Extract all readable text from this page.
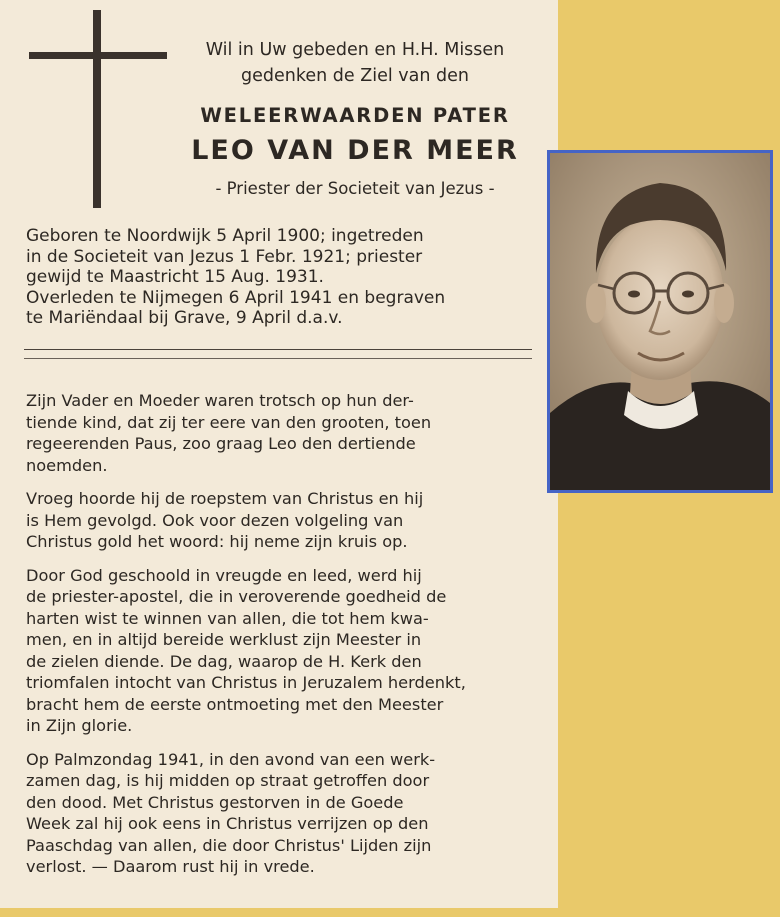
Wil in Uw gebeden en H.H. Missen
gedenken de Ziel van den
WELEERWAARDEN PATER
LEO VAN DER MEER
- Priester der Societeit van Jezus -
Geboren te Noordwijk 5 April 1900; ingetreden
in de Societeit van Jezus 1 Febr. 1921; priester
gewijd te Maastricht 15 Aug. 1931.
Overleden te Nijmegen 6 April 1941 en begraven
te Mariëndaal bij Grave, 9 April d.a.v.
Zijn Vader en Moeder waren trotsch op hun der-
tiende kind, dat zij ter eere van den grooten, toen
regeerenden Paus, zoo graag Leo den dertiende
noemden.
Vroeg hoorde hij de roepstem van Christus en hij
is Hem gevolgd. Ook voor dezen volgeling van
Christus gold het woord: hij neme zijn kruis op.
Door God geschoold in vreugde en leed, werd hij
de priester-apostel, die in veroverende goedheid de
harten wist te winnen van allen, die tot hem kwa-
men, en in altijd bereide werklust zijn Meester in
de zielen diende. De dag, waarop de H. Kerk den
triomfalen intocht van Christus in Jeruzalem herdenkt,
bracht hem de eerste ontmoeting met den Meester
in Zijn glorie.
Op Palmzondag 1941, in den avond van een werk-
zamen dag, is hij midden op straat getroffen door
den dood. Met Christus gestorven in de Goede
Week zal hij ook eens in Christus verrijzen op den
Paaschdag van allen, die door Christus' Lijden zijn
verlost. — Daarom rust hij in vrede.
